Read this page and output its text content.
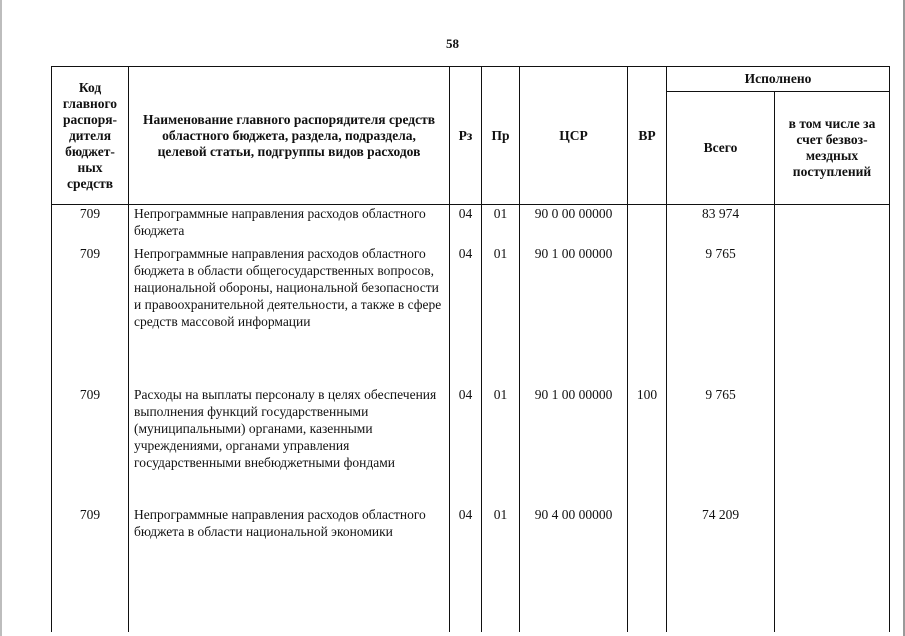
58
Код главного распоря-дителя бюджет-ных средств	Наименование главного распорядителя средств областного бюджета, раздела, подраздела, целевой статьи, подгруппы видов расходов	Рз	Пр	ЦСР	ВР	Исполнено	
						Всего	в том числе за счет безвоз-мездных поступлений
709	Непрограммные направления расходов областного бюджета	04	01	90 0 00 00000		83 974	
709	Непрограммные направления расходов областного бюджета в области общегосударственных вопросов, национальной обороны, национальной безопасности и правоохранительной деятельности, а также в сфере средств массовой информации	04	01	90 1 00 00000		9 765	
709	Расходы на выплаты персоналу в целях обеспечения выполнения функций государственными (муниципальными) органами, казенными учреждениями, органами управления государственными внебюджетными фондами	04	01	90 1 00 00000	100	9 765	
709	Непрограммные направления расходов областного бюджета в области национальной экономики	04	01	90 4 00 00000		74 209	
